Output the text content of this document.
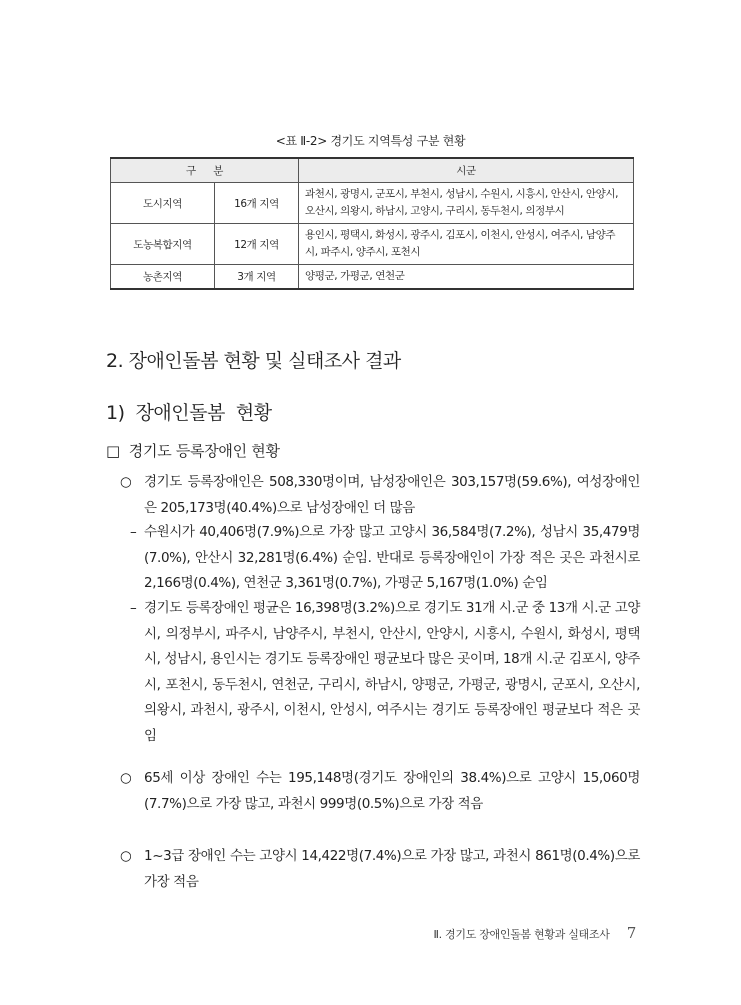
<표 Ⅱ-2> 경기도 지역특성 구분 현황
구      분		시군
도시지역	16개 지역	과천시, 광명시, 군포시, 부천시, 성남시, 수원시, 시흥시, 안산시, 안양시, 오산시, 의왕시, 하남시, 고양시, 구리시, 동두천시, 의정부시
도농복합지역	12개 지역	용인시, 평택시, 화성시, 광주시, 김포시, 이천시, 안성시, 여주시, 남양주시, 파주시, 양주시, 포천시
농촌지역	3개 지역	양평군, 가평군, 연천군
2. 장애인돌봄 현황 및 실태조사 결과
1)  장애인돌봄  현황
□  경기도 등록장애인 현황
○ 경기도 등록장애인은 508,330명이며, 남성장애인은 303,157명(59.6%), 여성장애인은 205,173명(40.4%)으로 남성장애인 더 많음
– 수원시가 40,406명(7.9%)으로 가장 많고 고양시 36,584명(7.2%), 성남시 35,479명(7.0%), 안산시 32,281명(6.4%) 순임. 반대로 등록장애인이 가장 적은 곳은 과천시로 2,166명(0.4%), 연천군 3,361명(0.7%), 가평군 5,167명(1.0%) 순임
– 경기도 등록장애인 평균은 16,398명(3.2%)으로 경기도 31개 시.군 중 13개 시.군 고양시, 의정부시, 파주시, 남양주시, 부천시, 안산시, 안양시, 시흥시, 수원시, 화성시, 평택시, 성남시, 용인시는 경기도 등록장애인 평균보다 많은 곳이며, 18개 시.군 김포시, 양주시, 포천시, 동두천시, 연천군, 구리시, 하남시, 양평군, 가평군, 광명시, 군포시, 오산시, 의왕시, 과천시, 광주시, 이천시, 안성시, 여주시는 경기도 등록장애인 평균보다 적은 곳임
○ 65세 이상 장애인 수는 195,148명(경기도 장애인의 38.4%)으로 고양시 15,060명(7.7%)으로 가장 많고, 과천시 999명(0.5%)으로 가장 적음
○ 1~3급 장애인 수는 고양시 14,422명(7.4%)으로 가장 많고, 과천시 861명(0.4%)으로 가장 적음
Ⅱ. 경기도 장애인돌봄 현황과 실태조사 7
